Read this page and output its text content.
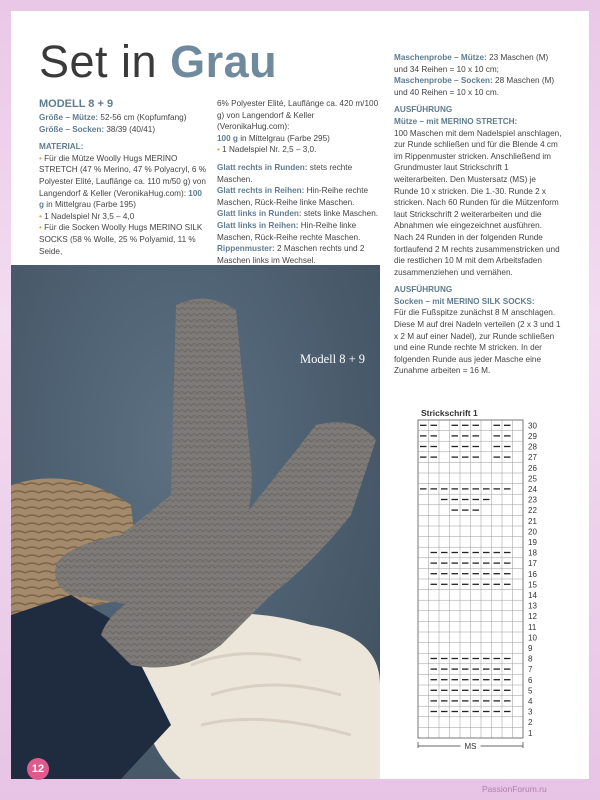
Set in Grau
MODELL 8 + 9

Größe – Mütze: 52-56 cm (Kopfumfang)

Größe – Socken: 38/39 (40/41)

MATERIAL:

• Für die Mütze Woolly Hugs MERINO STRETCH (47 % Merino, 47 % Polyacryl, 6 % Polyester Elité, Lauflänge ca. 110 m/50 g) von Langendorf & Keller (VeronikaHug.com): 100 g in Mittelgrau (Farbe 195)

• 1 Nadelspiel Nr 3,5 – 4,0

• Für die Socken Woolly Hugs MERINO SILK SOCKS (58 % Wolle, 25 % Polyamid, 11 % Seide,

6% Polyester Elité, Lauflänge ca. 420 m/100 g) von Langendorf & Keller (VeronikaHug.com):
100 g in Mittelgrau (Farbe 295)

• 1 Nadelspiel Nr. 2,5 – 3,0.

Glatt rechts in Runden: stets rechte Maschen.

Glatt rechts in Reihen: Hin-Reihe rechte Maschen, Rück-Reihe linke Maschen.

Glatt links in Runden: stets linke Maschen.

Glatt links in Reihen: Hin-Reihe linke Maschen, Rück-Reihe rechte Maschen.

Rippenmuster: 2 Maschen rechts und 2 Maschen links im Wechsel.

Maschenprobe – Mütze: 23 Maschen (M) und 34 Reihen = 10 x 10 cm;

Maschenprobe – Socken: 28 Maschen (M) und 40 Reihen = 10 x 10 cm.

AUSFÜHRUNG

Mütze – mit MERINO STRETCH:

100 Maschen mit dem Nadelspiel anschlagen, zur Runde schließen und für die Blende 4 cm im Rippenmuster stricken. Anschließend im Grundmuster laut Strickschrift 1 weiterarbeiten. Den Mustersatz (MS) je Runde 10 x stricken. Die 1.-30. Runde 2 x stricken. Nach 60 Runden für die Mützenform laut Strickschrift 2 weiterarbeiten und die Abnahmen wie eingezeichnet ausführen. Nach 24 Runden in der folgenden Runde fortlaufend 2 M rechts zusammenstricken und die restlichen 10 M mit dem Arbeitsfaden zusammenziehen und vernähen.

AUSFÜHRUNG

Socken – mit MERINO SILK SOCKS:

Für die Fußspitze zunächst 8 M anschlagen. Diese M auf drei Nadeln verteilen (2 x 3 und 1 x 2 M auf einer Nadel), zur Runde schließen und eine Runde rechte M stricken. In der folgenden Runde aus jeder Masche eine Zunahme arbeiten = 16 M.

Modell 8 + 9
Strickschrift 1
30
29
28
27
26
25
24
23
22
21
20
19
18
17
16
15
14
13
12
11
10
9
8
7
6
5
4
3
2
1
MS
12
PassionForum.ru
